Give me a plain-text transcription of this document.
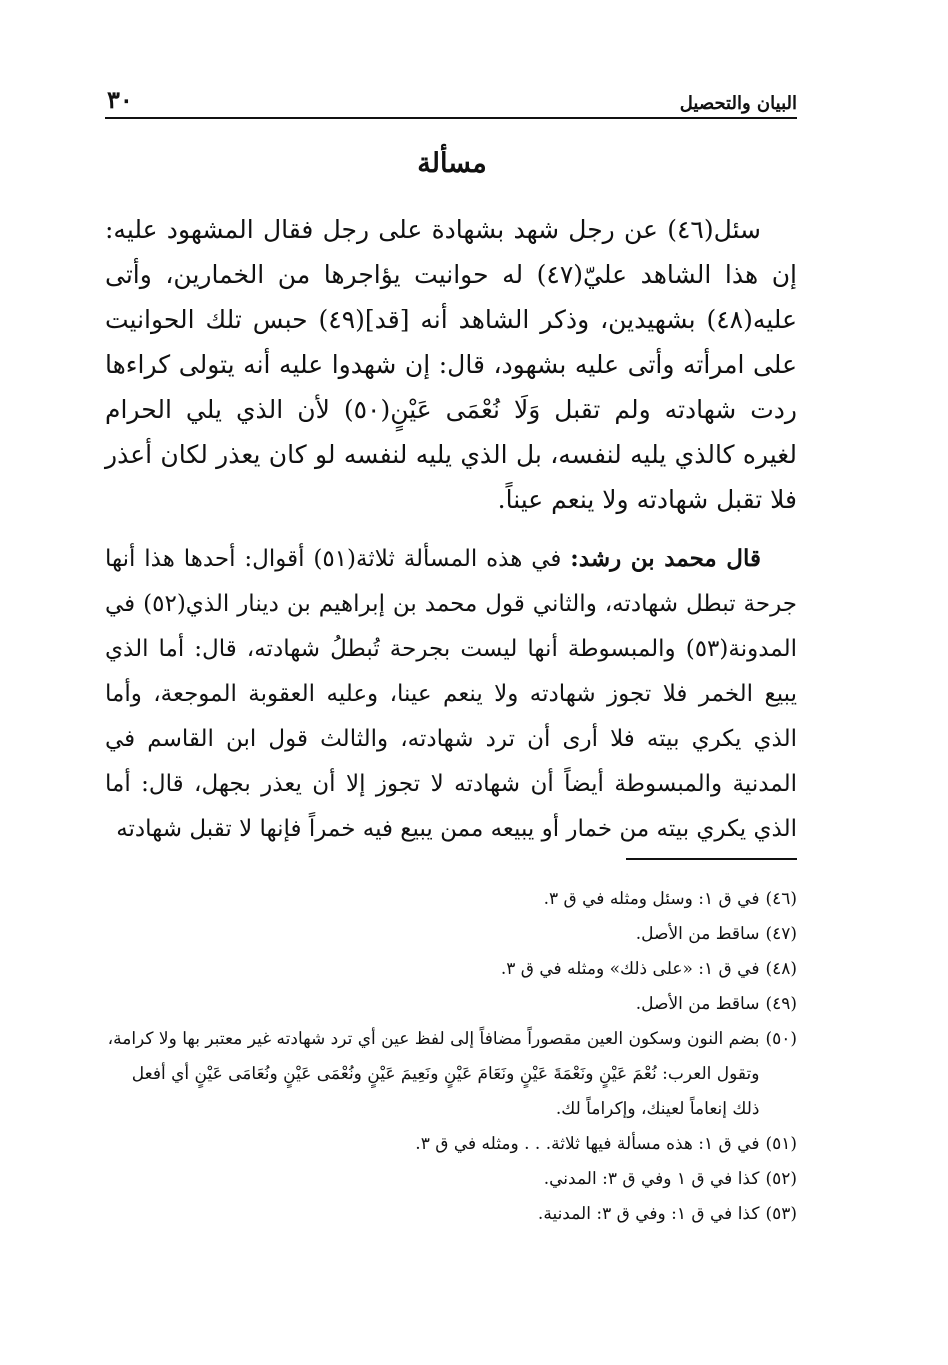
٣٠	البيان والتحصيل
مسألة

سئل(٤٦) عن رجل شهد بشهادة على رجل فقال المشهود عليه: إن هذا الشاهد عليّ(٤٧) له حوانيت يؤاجرها من الخمارين، وأتى عليه(٤٨) بشهيدين، وذكر الشاهد أنه [قد](٤٩) حبس تلك الحوانيت على امرأته وأتى عليه بشهود، قال: إن شهدوا عليه أنه يتولى كراءها ردت شهادته ولم تقبل وَلَا نُعْمَى عَيْنٍ(٥٠) لأن الذي يلي الحرام لغيره كالذي يليه لنفسه، بل الذي يليه لنفسه لو كان يعذر لكان أعذر فلا تقبل شهادته ولا ينعم عيناً.

قال محمد بن رشد: في هذه المسألة ثلاثة(٥١) أقوال: أحدها هذا أنها جرحة تبطل شهادته، والثاني قول محمد بن إبراهيم بن دينار الذي(٥٢) في المدونة(٥٣) والمبسوطة أنها ليست بجرحة تُبطلُ شهادته، قال: أما الذي يبيع الخمر فلا تجوز شهادته ولا ينعم عينا، وعليه العقوبة الموجعة، وأما الذي يكري بيته فلا أرى أن ترد شهادته، والثالث قول ابن القاسم في المدنية والمبسوطة أيضاً أن شهادته لا تجوز إلا أن يعذر بجهل، قال: أما الذي يكري بيته من خمار أو يبيعه ممن يبيع فيه خمراً فإنها لا تقبل شهادته

(٤٦)
في ق ١: وسئل ومثله في ق ٣.
(٤٧)
ساقط من الأصل.
(٤٨)
في ق ١: «على ذلك» ومثله في ق ٣.
(٤٩)
ساقط من الأصل.
(٥٠)
بضم النون وسكون العين مقصوراً مضافاً إلى لفظ عين أي ترد شهادته غير معتبر بها ولا كرامة، وتقول العرب: نُعْمَ عَيْنٍ ونَعْمَةَ عَيْنٍ ونَعَامَ عَيْنٍ ونَعِيمَ عَيْنٍ ونُعْمَى عَيْنٍ ونُعَامَى عَيْنٍ أي أفعل ذلك إنعاماً لعينك، وإكراماً لك.
(٥١)
في ق ١: هذه مسألة فيها ثلاثة. . . ومثله في ق ٣.
(٥٢)
كذا في ق ١ وفي ق ٣: المدني.
(٥٣)
كذا في ق ١: وفي ق ٣: المدنية.
